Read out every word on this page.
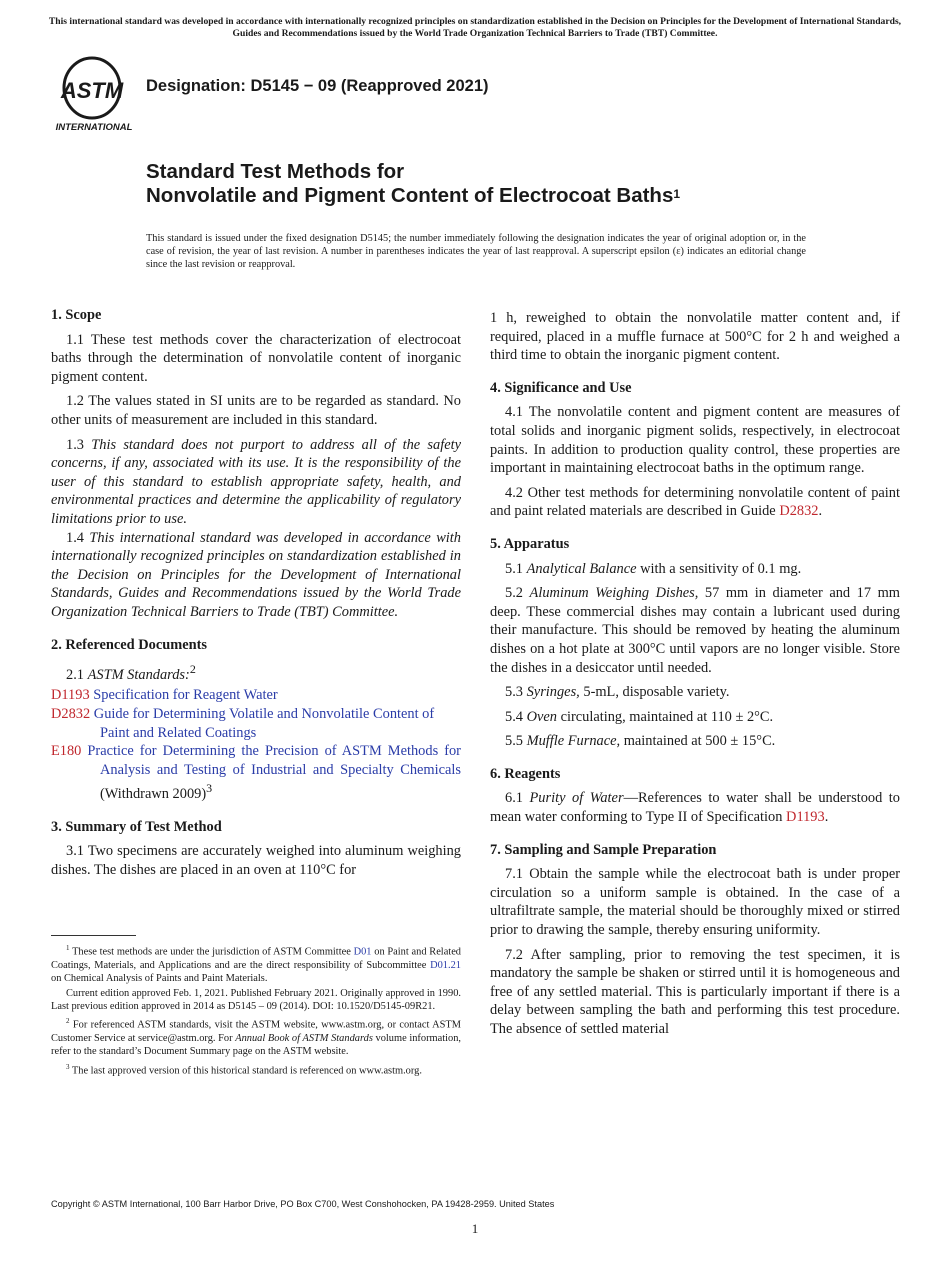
This international standard was developed in accordance with internationally recognized principles on standardization established in the Decision on Principles for the Development of International Standards, Guides and Recommendations issued by the World Trade Organization Technical Barriers to Trade (TBT) Committee.
ASTM
INTERNATIONAL
Designation: D5145 − 09 (Reapproved 2021)
Standard Test Methods for
Nonvolatile and Pigment Content of Electrocoat Baths$^1$
This standard is issued under the fixed designation D5145; the number immediately following the designation indicates the year of original adoption or, in the case of revision, the year of last revision. A number in parentheses indicates the year of last reapproval. A superscript epsilon (ε) indicates an editorial change since the last revision or reapproval.
1. Scope

1.1 These test methods cover the characterization of electrocoat baths through the determination of nonvolatile content of inorganic pigment content.

1.2 The values stated in SI units are to be regarded as standard. No other units of measurement are included in this standard.

1.3 This standard does not purport to address all of the safety concerns, if any, associated with its use. It is the responsibility of the user of this standard to establish appropriate safety, health, and environmental practices and determine the applicability of regulatory limitations prior to use.

1.4 This international standard was developed in accordance with internationally recognized principles on standardization established in the Decision on Principles for the Development of International Standards, Guides and Recommendations issued by the World Trade Organization Technical Barriers to Trade (TBT) Committee.

2. Referenced Documents

2.1 ASTM Standards:$^2$

D1193 Specification for Reagent Water
D2832 Guide for Determining Volatile and Nonvolatile Content of Paint and Related Coatings
E180 Practice for Determining the Precision of ASTM Methods for Analysis and Testing of Industrial and Specialty Chemicals (Withdrawn 2009)$^3$
3. Summary of Test Method

3.1 Two specimens are accurately weighed into aluminum weighing dishes. The dishes are placed in an oven at 110°C for

$^1$ These test methods are under the jurisdiction of ASTM Committee D01 on Paint and Related Coatings, Materials, and Applications and are the direct responsibility of Subcommittee D01.21 on Chemical Analysis of Paints and Paint Materials.

Current edition approved Feb. 1, 2021. Published February 2021. Originally approved in 1990. Last previous edition approved in 2014 as D5145 – 09 (2014). DOI: 10.1520/D5145-09R21.

$^2$ For referenced ASTM standards, visit the ASTM website, www.astm.org, or contact ASTM Customer Service at service@astm.org. For Annual Book of ASTM Standards volume information, refer to the standard’s Document Summary page on the ASTM website.

$^3$ The last approved version of this historical standard is referenced on www.astm.org.

1 h, reweighed to obtain the nonvolatile matter content and, if required, placed in a muffle furnace at 500°C for 2 h and weighed a third time to obtain the inorganic pigment content.

4. Significance and Use

4.1 The nonvolatile content and pigment content are measures of total solids and inorganic pigment solids, respectively, in electrocoat paints. In addition to production quality control, these properties are important in maintaining electrocoat baths in the optimum range.

4.2 Other test methods for determining nonvolatile content of paint and paint related materials are described in Guide D2832.

5. Apparatus

5.1 Analytical Balance with a sensitivity of 0.1 mg.

5.2 Aluminum Weighing Dishes, 57 mm in diameter and 17 mm deep. These commercial dishes may contain a lubricant used during their manufacture. This should be removed by heating the aluminum dishes on a hot plate at 300°C until vapors are no longer visible. Store the dishes in a desiccator until needed.

5.3 Syringes, 5-mL, disposable variety.

5.4 Oven circulating, maintained at 110 ± 2°C.

5.5 Muffle Furnace, maintained at 500 ± 15°C.

6. Reagents

6.1 Purity of Water—References to water shall be understood to mean water conforming to Type II of Specification D1193.

7. Sampling and Sample Preparation

7.1 Obtain the sample while the electrocoat bath is under proper circulation so a uniform sample is obtained. In the case of a ultrafiltrate sample, the material should be thoroughly mixed or stirred prior to drawing the sample, thereby ensuring uniformity.

7.2 After sampling, prior to removing the test specimen, it is mandatory the sample be shaken or stirred until it is homogeneous and free of any settled material. This is particularly important if there is a delay between sampling the bath and performing this test procedure. The absence of settled material

Copyright © ASTM International, 100 Barr Harbor Drive, PO Box C700, West Conshohocken, PA 19428-2959. United States
1
